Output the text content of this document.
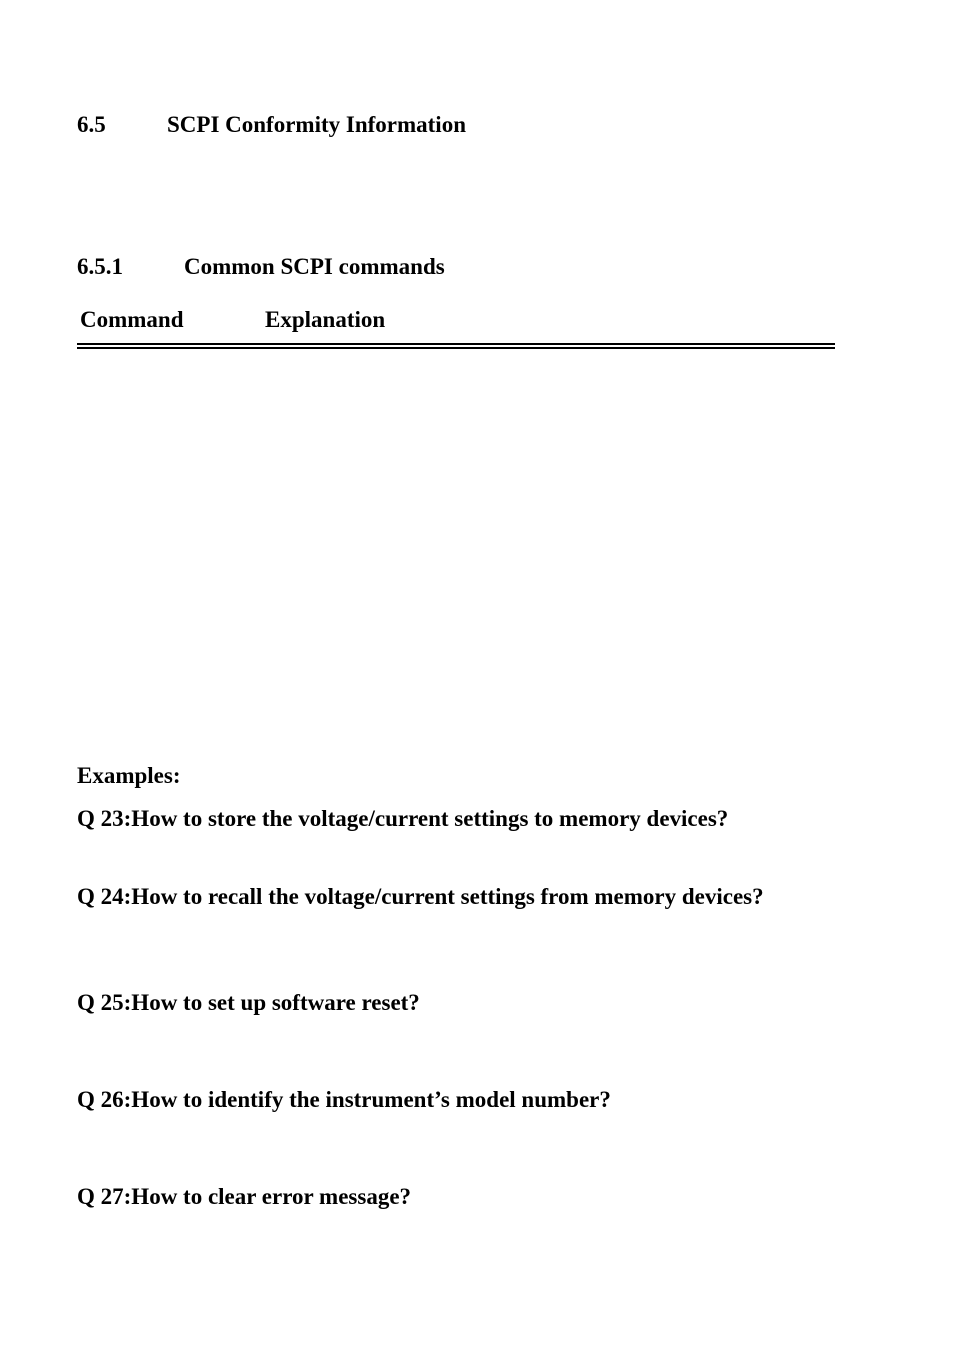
6.5	SCPI Conformity Information
6.5.1	Common SCPI commands
Command	Explanation
Examples:
Q 23:How to store the voltage/current settings to memory devices?
Q 24:How to recall the voltage/current settings from memory devices?
Q 25:How to set up software reset?
Q 26:How to identify the instrument’s model number?
Q 27:How to clear error message?
